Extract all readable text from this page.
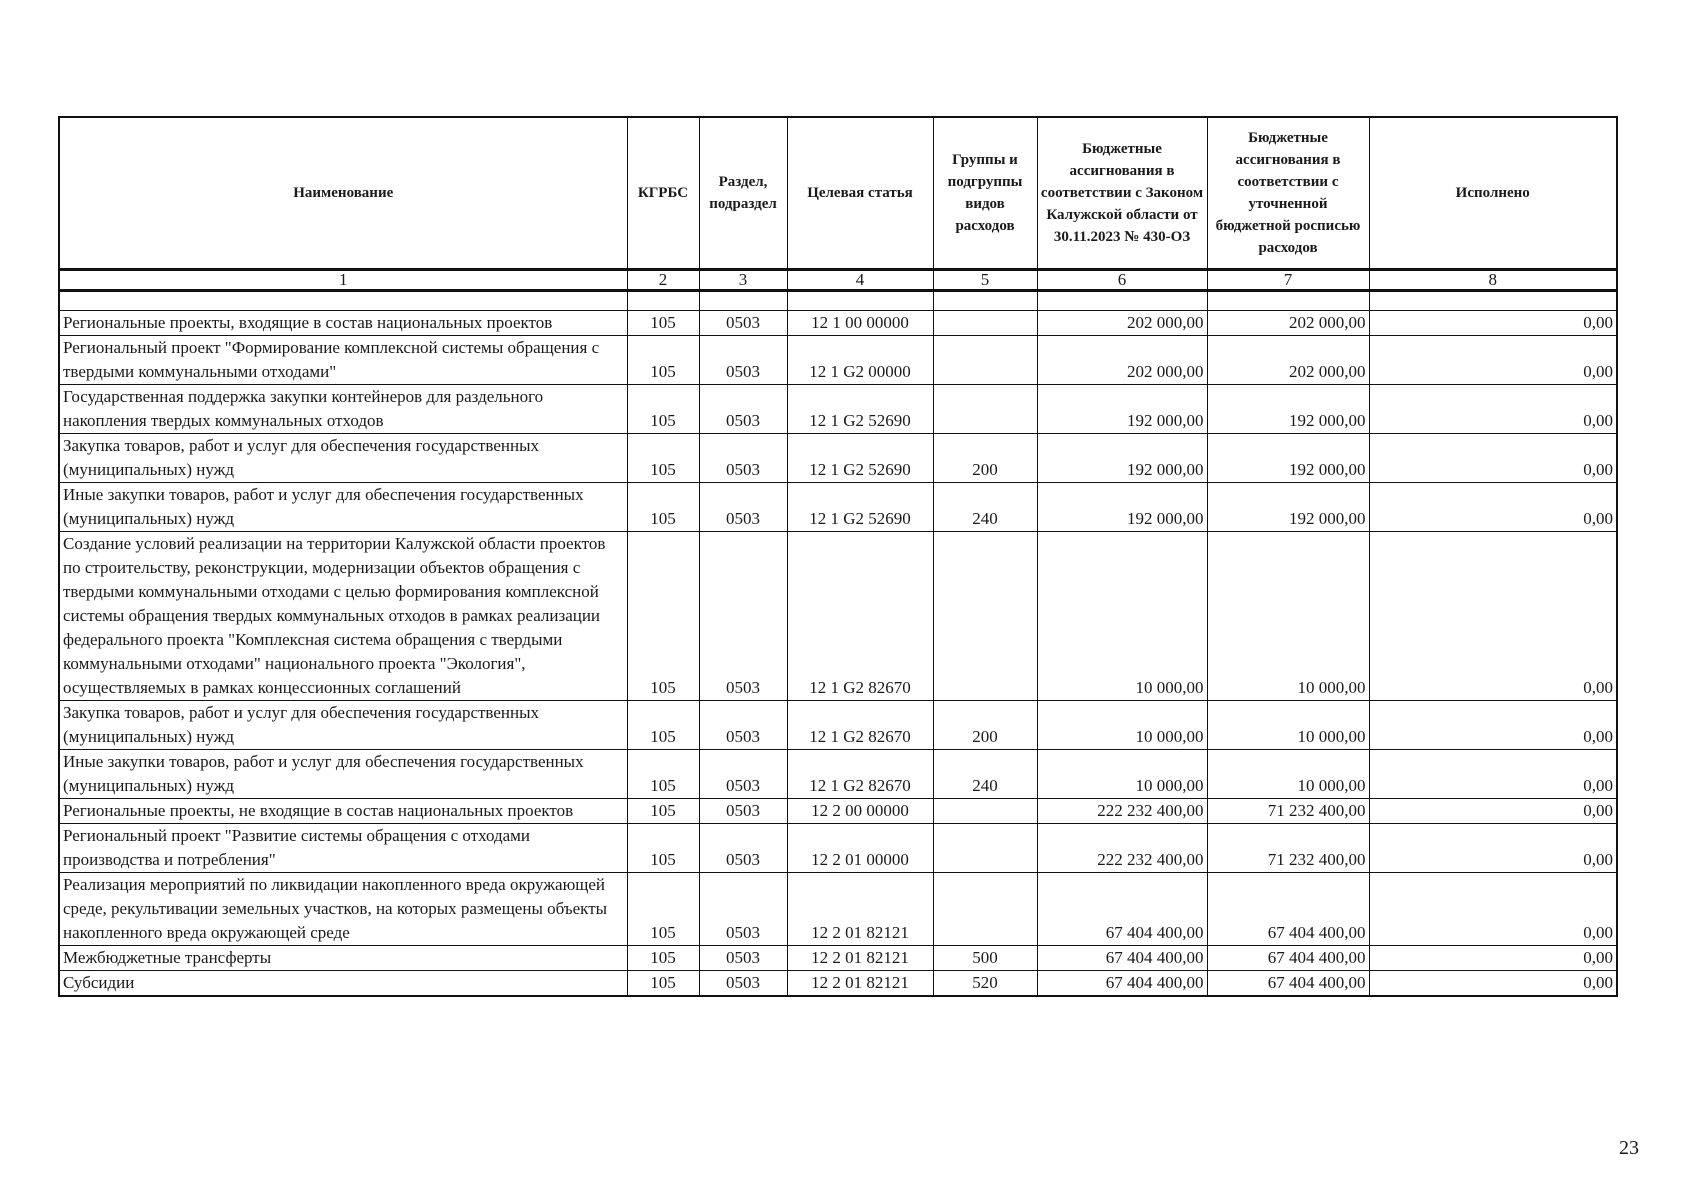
Наименование	КГРБС	Раздел, подраздел	Целевая статья	Группы и подгруппы видов расходов	Бюджетные ассигнования в соответствии с Законом Калужской области от 30.11.2023 № 430-ОЗ	Бюджетные ассигнования в соответствии с уточненной бюджетной росписью расходов	Исполнено
1	2	3	4	5	6	7	8

Региональные проекты, входящие в состав национальных проектов	105	0503	12 1 00 00000		202 000,00	202 000,00	0,00
Региональный проект "Формирование комплексной системы обращения с твердыми коммунальными отходами"	105	0503	12 1 G2 00000		202 000,00	202 000,00	0,00
Государственная поддержка закупки контейнеров для раздельного накопления твердых коммунальных отходов	105	0503	12 1 G2 52690		192 000,00	192 000,00	0,00
Закупка товаров, работ и услуг для обеспечения государственных (муниципальных) нужд	105	0503	12 1 G2 52690	200	192 000,00	192 000,00	0,00
Иные закупки товаров, работ и услуг для обеспечения государственных (муниципальных) нужд	105	0503	12 1 G2 52690	240	192 000,00	192 000,00	0,00
Создание условий реализации на территории Калужской области проектов по строительству, реконструкции, модернизации объектов обращения с твердыми коммунальными отходами с целью формирования комплексной системы обращения твердых коммунальных отходов в рамках реализации федерального проекта "Комплексная система обращения с твердыми коммунальными отходами" национального проекта "Экология", осуществляемых в рамках концессионных соглашений	105	0503	12 1 G2 82670		10 000,00	10 000,00	0,00
Закупка товаров, работ и услуг для обеспечения государственных (муниципальных) нужд	105	0503	12 1 G2 82670	200	10 000,00	10 000,00	0,00
Иные закупки товаров, работ и услуг для обеспечения государственных (муниципальных) нужд	105	0503	12 1 G2 82670	240	10 000,00	10 000,00	0,00
Региональные проекты, не входящие в состав национальных проектов	105	0503	12 2 00 00000		222 232 400,00	71 232 400,00	0,00
Региональный проект "Развитие системы обращения с отходами производства и потребления"	105	0503	12 2 01 00000		222 232 400,00	71 232 400,00	0,00
Реализация мероприятий по ликвидации накопленного вреда окружающей среде, рекультивации земельных участков, на которых размещены объекты накопленного вреда окружающей среде	105	0503	12 2 01 82121		67 404 400,00	67 404 400,00	0,00
Межбюджетные трансферты	105	0503	12 2 01 82121	500	67 404 400,00	67 404 400,00	0,00
Субсидии	105	0503	12 2 01 82121	520	67 404 400,00	67 404 400,00	0,00
23
